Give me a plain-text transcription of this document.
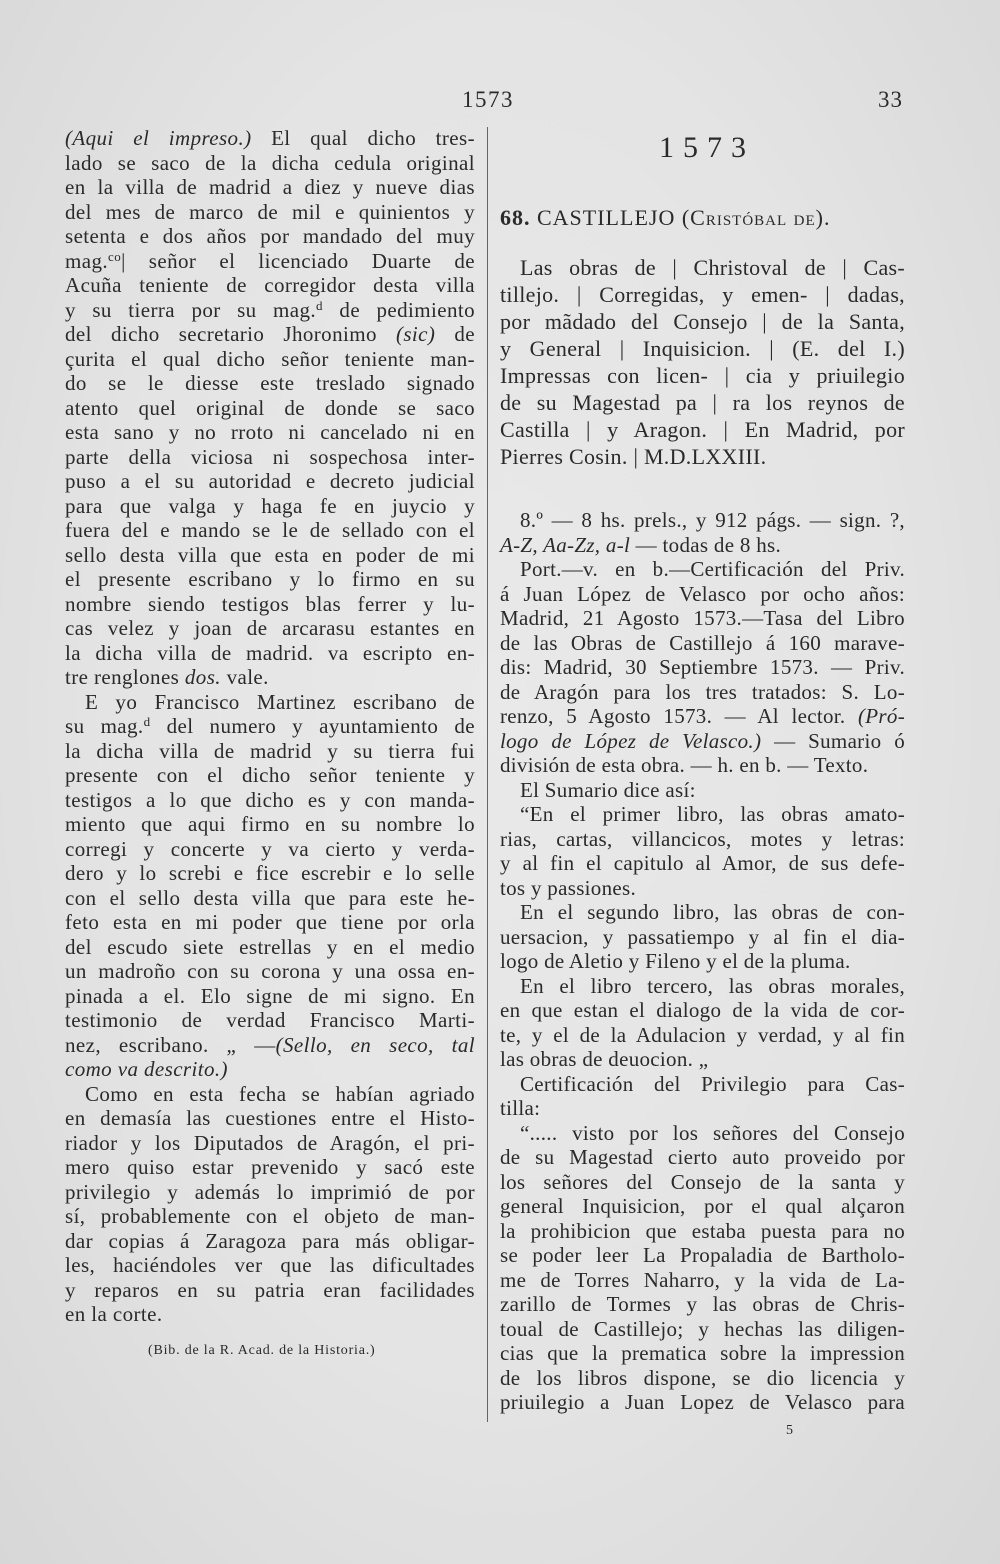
1573	33
(Aqui el impreso.) El qual dicho tres-
lado se saco de la dicha cedula original
en la villa de madrid a diez y nueve dias
del mes de marco de mil e quinientos y
setenta e dos años por mandado del muy
mag.$^{co}$| señor el licenciado Duarte de
Acuña teniente de corregidor desta villa
y su tierra por su mag.$^d$ de pedimiento
del dicho secretario Jhoronimo (sic) de
çurita el qual dicho señor teniente man-
do se le diesse este treslado signado
atento quel original de donde se saco
esta sano y no rroto ni cancelado ni en
parte della viciosa ni sospechosa inter-
puso a el su autoridad e decreto judicial
para que valga y haga fe en juycio y
fuera del e mando se le de sellado con el
sello desta villa que esta en poder de mi
el presente escribano y lo firmo en su
nombre siendo testigos blas ferrer y lu-
cas velez y joan de arcarasu estantes en
la dicha villa de madrid. va escripto en-
tre renglones dos. vale.
E yo Francisco Martinez escribano de
su mag.$^d$ del numero y ayuntamiento de
la dicha villa de madrid y su tierra fui
presente con el dicho señor teniente y
testigos a lo que dicho es y con manda-
miento que aqui firmo en su nombre lo
corregi y concerte y va cierto y verda-
dero y lo screbi e fice escrebir e lo selle
con el sello desta villa que para este he-
feto esta en mi poder que tiene por orla
del escudo siete estrellas y en el medio
un madroño con su corona y una ossa en-
pinada a el. Elo signe de mi signo. En
testimonio de verdad Francisco Marti-
nez, escribano. „ —(Sello, en seco, tal
como va descrito.)
Como en esta fecha se habían agriado
en demasía las cuestiones entre el Histo-
riador y los Diputados de Aragón, el pri-
mero quiso estar prevenido y sacó este
privilegio y además lo imprimió de por
sí, probablemente con el objeto de man-
dar copias á Zaragoza para más obligar-
les, haciéndoles ver que las dificultades
y reparos en su patria eran facilidades
en la corte.
(Bib. de la R. Acad. de la Historia.)
1573
68. CASTILLEJO (Cristóbal de).
Las obras de | Christoval de | Cas-
tillejo. | Corregidas, y emen- | dadas,
por mãdado del Consejo | de la Santa,
y General | Inquisicion. | (E. del I.)
Impressas con licen- | cia y priuilegio
de su Magestad pa | ra los reynos de
Castilla | y Aragon. | En Madrid, por
Pierres Cosin. | M.D.LXXIII.
8.º — 8 hs. prels., y 912 págs. — sign. ?,
A-Z, Aa-Zz, a-l — todas de 8 hs.
Port.—v. en b.—Certificación del Priv.
á Juan López de Velasco por ocho años:
Madrid, 21 Agosto 1573.—Tasa del Libro
de las Obras de Castillejo á 160 marave-
dis: Madrid, 30 Septiembre 1573. — Priv.
de Aragón para los tres tratados: S. Lo-
renzo, 5 Agosto 1573. — Al lector. (Pró-
logo de López de Velasco.) — Sumario ó
división de esta obra. — h. en b. — Texto.
El Sumario dice así:
“En el primer libro, las obras amato-
rias, cartas, villancicos, motes y letras:
y al fin el capitulo al Amor, de sus defe-
tos y passiones.
En el segundo libro, las obras de con-
uersacion, y passatiempo y al fin el dia-
logo de Aletio y Fileno y el de la pluma.
En el libro tercero, las obras morales,
en que estan el dialogo de la vida de cor-
te, y el de la Adulacion y verdad, y al fin
las obras de deuocion. „
Certificación del Privilegio para Cas-
tilla:
“..... visto por los señores del Consejo
de su Magestad cierto auto proveido por
los señores del Consejo de la santa y
general Inquisicion, por el qual alçaron
la prohibicion que estaba puesta para no
se poder leer La Propaladia de Bartholo-
me de Torres Naharro, y la vida de La-
zarillo de Tormes y las obras de Chris-
toual de Castillejo; y hechas las diligen-
cias que la prematica sobre la impression
de los libros dispone, se dio licencia y
priuilegio a Juan Lopez de Velasco para
5
